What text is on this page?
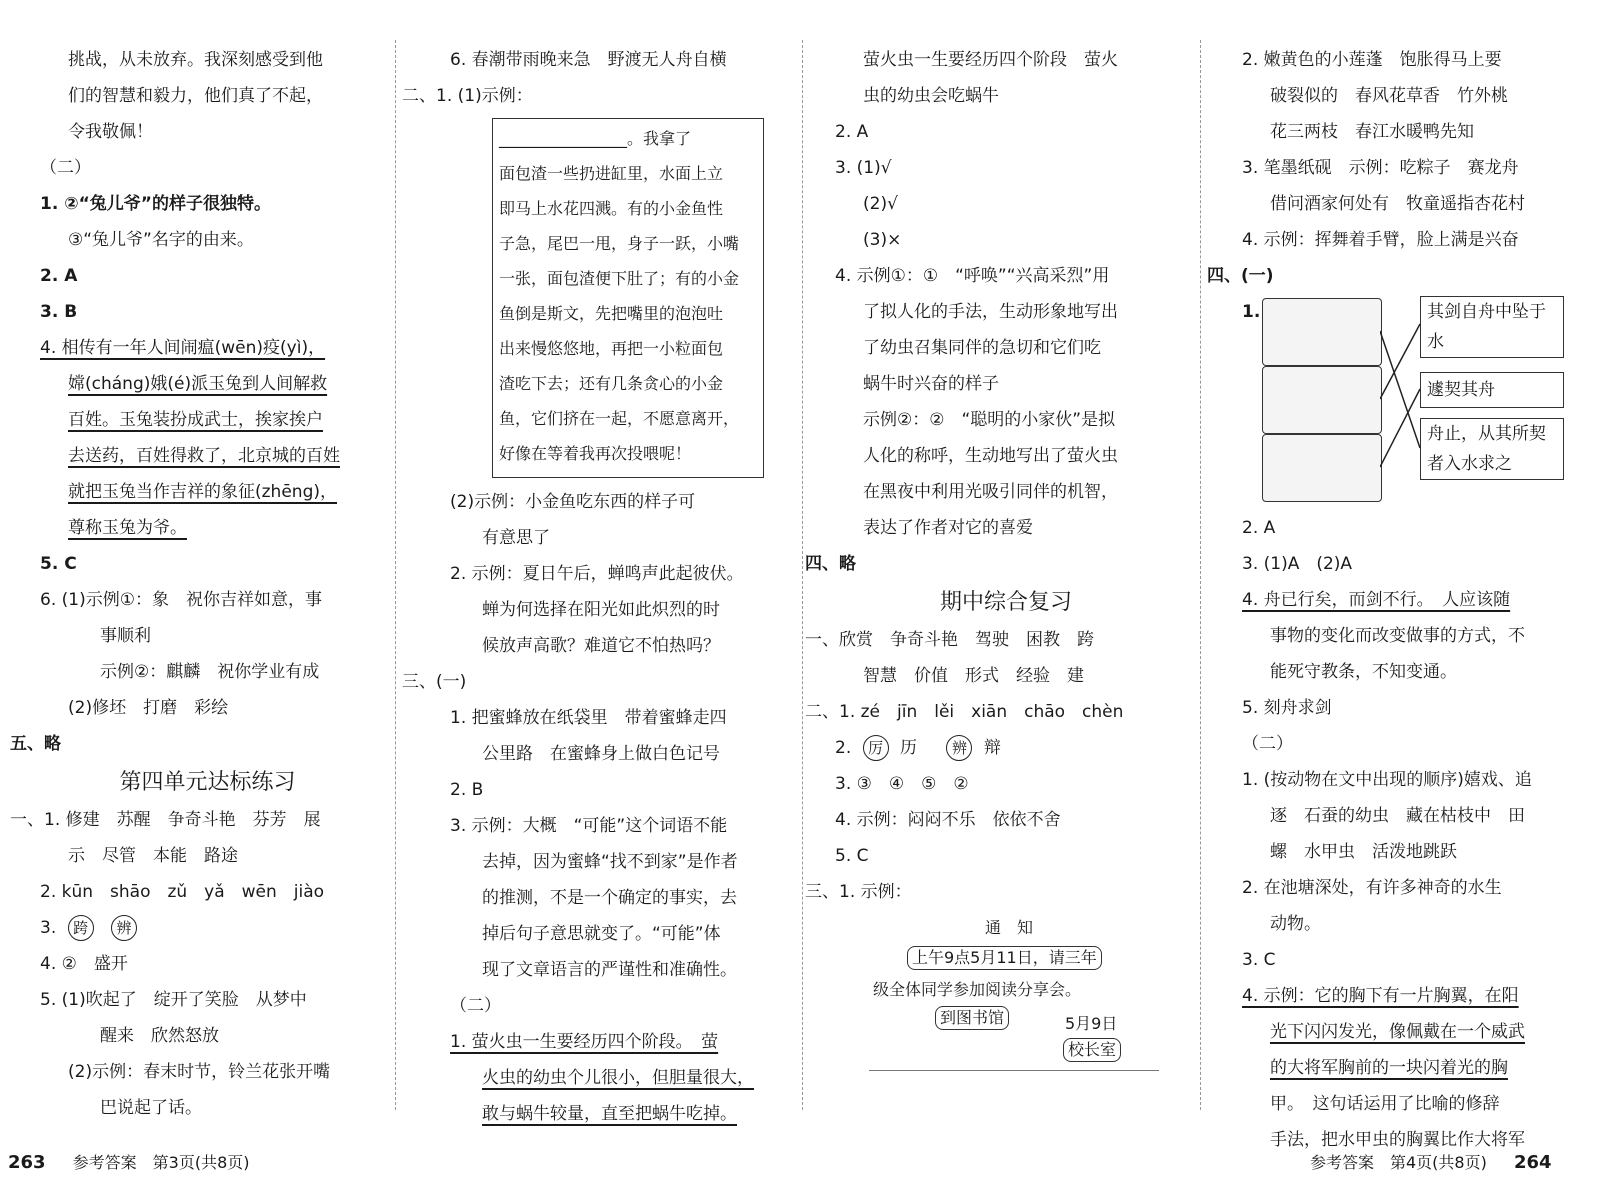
挑战，从未放弃。我深刻感受到他
们的智慧和毅力，他们真了不起，
令我敬佩！
（二）
1. ②“兔儿爷”的样子很独特。
③“兔儿爷”名字的由来。
2. A
3. B
4. 相传有一年人间闹瘟(wēn)疫(yì)，
嫦(cháng)娥(é)派玉兔到人间解救
百姓。玉兔装扮成武士，挨家挨户
去送药，百姓得救了，北京城的百姓
就把玉兔当作吉祥的象征(zhēng)，
尊称玉兔为爷。
5. C
6. (1)示例①：象　祝你吉祥如意，事
事顺利
示例②：麒麟　祝你学业有成
(2)修坯　打磨　彩绘
五、略
第四单元达标练习
一、1. 修建　苏醒　争奇斗艳　芬芳　展
示　尽管　本能　路途
2. kūn　shāo　zǔ　yǎ　wēn　jiào
3. 跨 辨
4. ②　盛开
5. (1)吹起了　绽开了笑脸　从梦中
醒来　欣然怒放
(2)示例：春末时节，铃兰花张开嘴
巴说起了话。
6. 春潮带雨晚来急　野渡无人舟自横
二、1. (1)示例：
________________。我拿了
面包渣一些扔进缸里，水面上立
即马上水花四溅。有的小金鱼性
子急，尾巴一甩，身子一跃，小嘴
一张，面包渣便下肚了；有的小金
鱼倒是斯文，先把嘴里的泡泡吐
出来慢悠悠地，再把一小粒面包
渣吃下去；还有几条贪心的小金
鱼，它们挤在一起，不愿意离开，
好像在等着我再次投喂呢！
(2)示例：小金鱼吃东西的样子可
有意思了
2. 示例：夏日午后，蝉鸣声此起彼伏。
蝉为何选择在阳光如此炽烈的时
候放声高歌？难道它不怕热吗？
三、(一)
1. 把蜜蜂放在纸袋里　带着蜜蜂走四
公里路　在蜜蜂身上做白色记号
2. B
3. 示例：大概　“可能”这个词语不能
去掉，因为蜜蜂“找不到家”是作者
的推测，不是一个确定的事实，去
掉后句子意思就变了。“可能”体
现了文章语言的严谨性和准确性。
（二）
1. 萤火虫一生要经历四个阶段。　萤
火虫的幼虫个儿很小，但胆量很大，
敢与蜗牛较量，直至把蜗牛吃掉。
萤火虫一生要经历四个阶段　萤火
虫的幼虫会吃蜗牛
2. A
3. (1)√
(2)√
(3)×
4. 示例①：①　“呼唤”“兴高采烈”用
了拟人化的手法，生动形象地写出
了幼虫召集同伴的急切和它们吃
蜗牛时兴奋的样子
示例②：②　“聪明的小家伙”是拟
人化的称呼，生动地写出了萤火虫
在黑夜中利用光吸引同伴的机智，
表达了作者对它的喜爱
四、略
期中综合复习
一、欣赏　争奇斗艳　驾驶　困教　跨
智慧　价值　形式　经验　建
二、1. zé　jīn　lěi　xiān　chāo　chèn
2. 厉 历 辨 辩
3. ③　④　⑤　②
4. 示例：闷闷不乐　依依不舍
5. C
三、1. 示例：
通　知
上午9点5月11日，请三年
级全体同学参加阅读分享会。
到图书馆	5月9日
校长室
2. 嫩黄色的小莲蓬　饱胀得马上要
破裂似的　春风花草香　竹外桃
花三两枝　春江水暖鸭先知
3. 笔墨纸砚　示例：吃粽子　赛龙舟
借问酒家何处有　牧童遥指杏花村
4. 示例：挥舞着手臂，脸上满是兴奋
四、(一)
1.	其剑自舟中坠于水
遽契其舟
舟止，从其所契者入水求之
2. A
3. (1)A　(2)A
4. 舟已行矣，而剑不行。　人应该随
事物的变化而改变做事的方式，不
能死守教条，不知变通。
5. 刻舟求剑
（二）
1. (按动物在文中出现的顺序)嬉戏、追
逐　石蚕的幼虫　藏在枯枝中　田
螺　水甲虫　活泼地跳跃
2. 在池塘深处，有许多神奇的水生
动物。
3. C
4. 示例：它的胸下有一片胸翼，在阳
光下闪闪发光，像佩戴在一个威武
的大将军胸前的一块闪着光的胸
甲。　这句话运用了比喻的修辞
手法，把水甲虫的胸翼比作大将军
263 参考答案　第3页(共8页)	参考答案　第4页(共8页) 264
